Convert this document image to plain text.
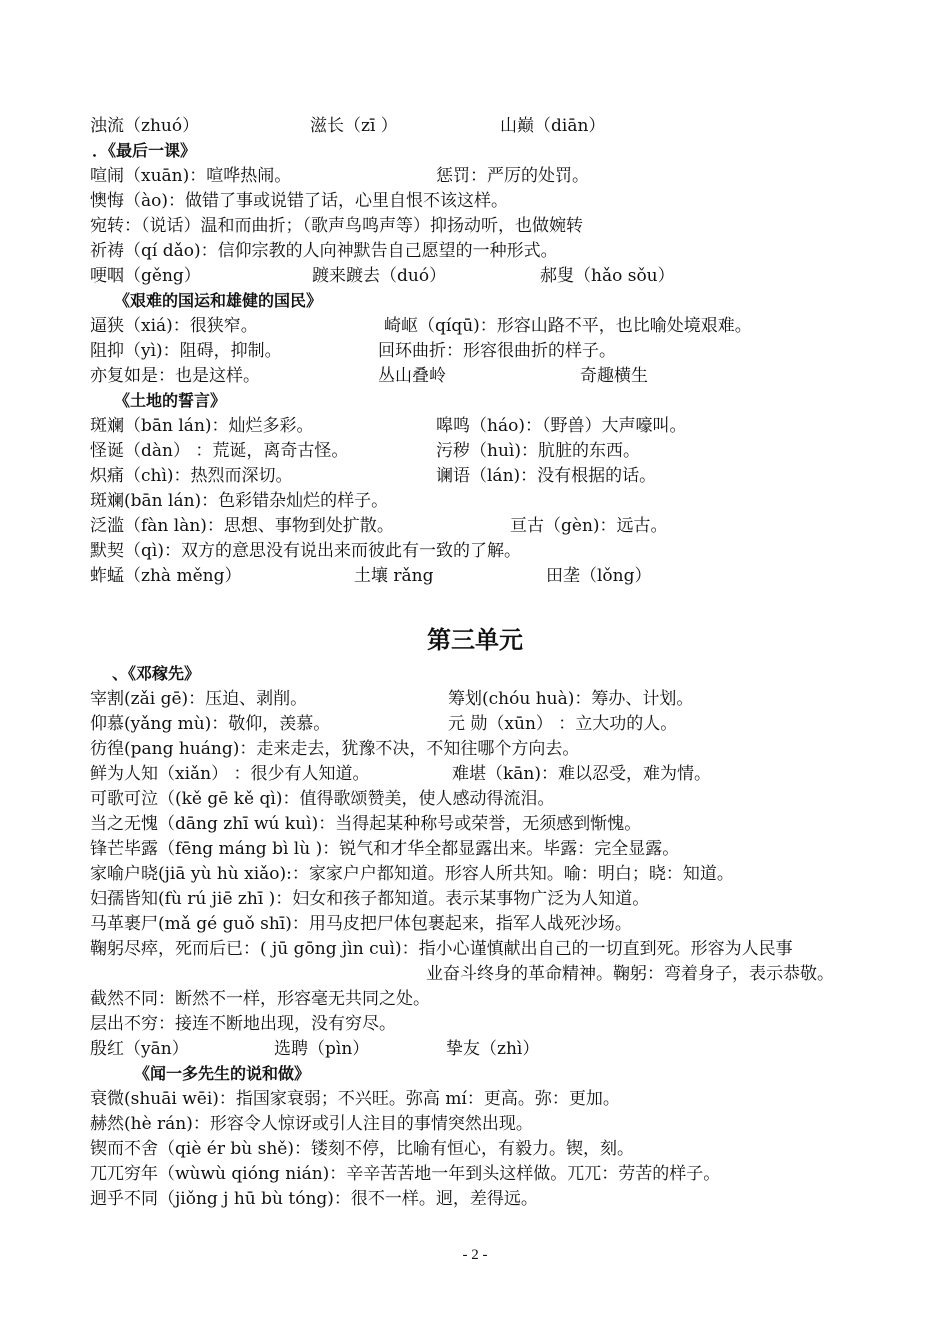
浊流（zhuó）	滋长（zī ）	山巅（diān）
．《最后一课》
喧闹（xuān)：喧哗热闹。	惩罚：严厉的处罚。
懊悔（ào)：做错了事或说错了话，心里自恨不该这样。
宛转：（说话）温和而曲折；（歌声鸟鸣声等）抑扬动听，也做婉转
祈祷（qí dǎo)：信仰宗教的人向神默告自己愿望的一种形式。
哽咽（gěng）	踱来踱去（duó）	郝叟（hǎo sǒu）
《艰难的国运和雄健的国民》
逼狭（xiá)：很狭窄。	崎岖（qíqū)：形容山路不平，也比喻处境艰难。
阻抑（yì)：阻碍，抑制。	回环曲折：形容很曲折的样子。
亦复如是：也是这样。	丛山叠岭	奇趣横生
《土地的誓言》
斑斓（bān lán)：灿烂多彩。	嗥鸣（háo)：（野兽）大声嚎叫。
怪诞（dàn） ：荒诞，离奇古怪。	污秽（huì)：肮脏的东西。
炽痛（chì)：热烈而深切。	谰语（lán)：没有根据的话。
斑斓(bān lán)：色彩错杂灿烂的样子。
泛滥（fàn làn)：思想、事物到处扩散。	亘古（gèn)：远古。
默契（qì)：双方的意思没有说出来而彼此有一致的了解。
蚱蜢（zhà měng）	土壤 rǎng	田垄（lǒng）
第三单元
、《邓稼先》
宰割(zǎi gē)：压迫、剥削。	筹划(chóu huà)：筹办、计划。
仰慕(yǎng mù)：敬仰，羡慕。	元 勋（xūn） ：立大功的人。
彷徨(pang huáng)：走来走去，犹豫不决，不知往哪个方向去。
鲜为人知（xiǎn） ：很少有人知道。	难堪（kān)：难以忍受，难为情。
可歌可泣（(kě gē kě qì)：值得歌颂赞美，使人感动得流泪。
当之无愧（dāng zhī wú kuì)：当得起某种称号或荣誉，无须感到惭愧。
锋芒毕露（fēng máng bì lù )：锐气和才华全都显露出来。毕露：完全显露。
家喻户晓(jiā yù hù xiǎo):：家家户户都知道。形容人所共知。喻：明白；晓：知道。
妇孺皆知(fù rú jiē zhī )：妇女和孩子都知道。表示某事物广泛为人知道。
马革裹尸(mǎ gé guǒ shī)：用马皮把尸体包裹起来，指军人战死沙场。
鞠躬尽瘁，死而后已：( jū gōng jìn cuì)：指小心谨慎献出自己的一切直到死。形容为人民事
业奋斗终身的革命精神。鞠躬：弯着身子，表示恭敬。
截然不同：断然不一样，形容毫无共同之处。
层出不穷：接连不断地出现，没有穷尽。
殷红（yān）	选聘（pìn）	挚友（zhì）
《闻一多先生的说和做》
衰微(shuāi wēi)：指国家衰弱；不兴旺。弥高 mí：更高。弥：更加。
赫然(hè rán)：形容令人惊讶或引人注目的事情突然出现。
锲而不舍（qiè ér bù shě)：镂刻不停，比喻有恒心，有毅力。锲，刻。
兀兀穷年（wùwù qióng nián)：辛辛苦苦地一年到头这样做。兀兀：劳苦的样子。
迥乎不同（jiǒng j hū bù tóng)：很不一样。迥，差得远。
- 2 -
